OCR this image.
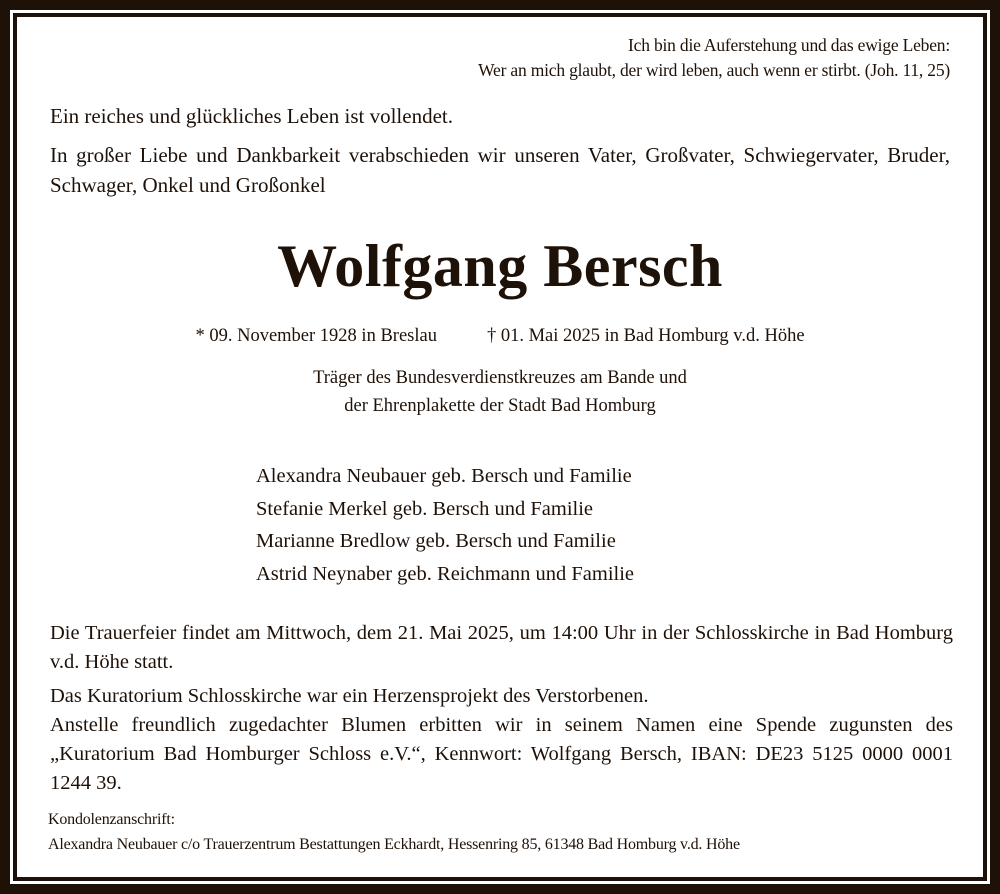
Ich bin die Auferstehung und das ewige Leben:
Wer an mich glaubt, der wird leben, auch wenn er stirbt. (Joh. 11, 25)
Ein reiches und glückliches Leben ist vollendet.
In großer Liebe und Dankbarkeit verabschieden wir unseren Vater, Großvater, Schwiegervater, Bruder, Schwager, Onkel und Großonkel
Wolfgang Bersch
* 09. November 1928 in Breslau	† 01. Mai 2025 in Bad Homburg v.d. Höhe
Träger des Bundesverdienstkreuzes am Bande und
der Ehrenplakette der Stadt Bad Homburg
Alexandra Neubauer geb. Bersch und Familie
Stefanie Merkel geb. Bersch und Familie
Marianne Bredlow geb. Bersch und Familie
Astrid Neynaber geb. Reichmann und Familie

Die Trauerfeier findet am Mittwoch, dem 21. Mai 2025, um 14:00 Uhr in der Schlosskirche in Bad Homburg v.d. Höhe statt.

Das Kuratorium Schlosskirche war ein Herzensprojekt des Verstorbenen.

Anstelle freundlich zugedachter Blumen erbitten wir in seinem Namen eine Spende zugunsten des „Kuratorium Bad Homburger Schloss e.V.“, Kennwort: Wolfgang Bersch, IBAN: DE23 5125 0000 0001 1244 39.

Kondolenzanschrift:
Alexandra Neubauer c/o Trauerzentrum Bestattungen Eckhardt, Hessenring 85, 61348 Bad Homburg v.d. Höhe
